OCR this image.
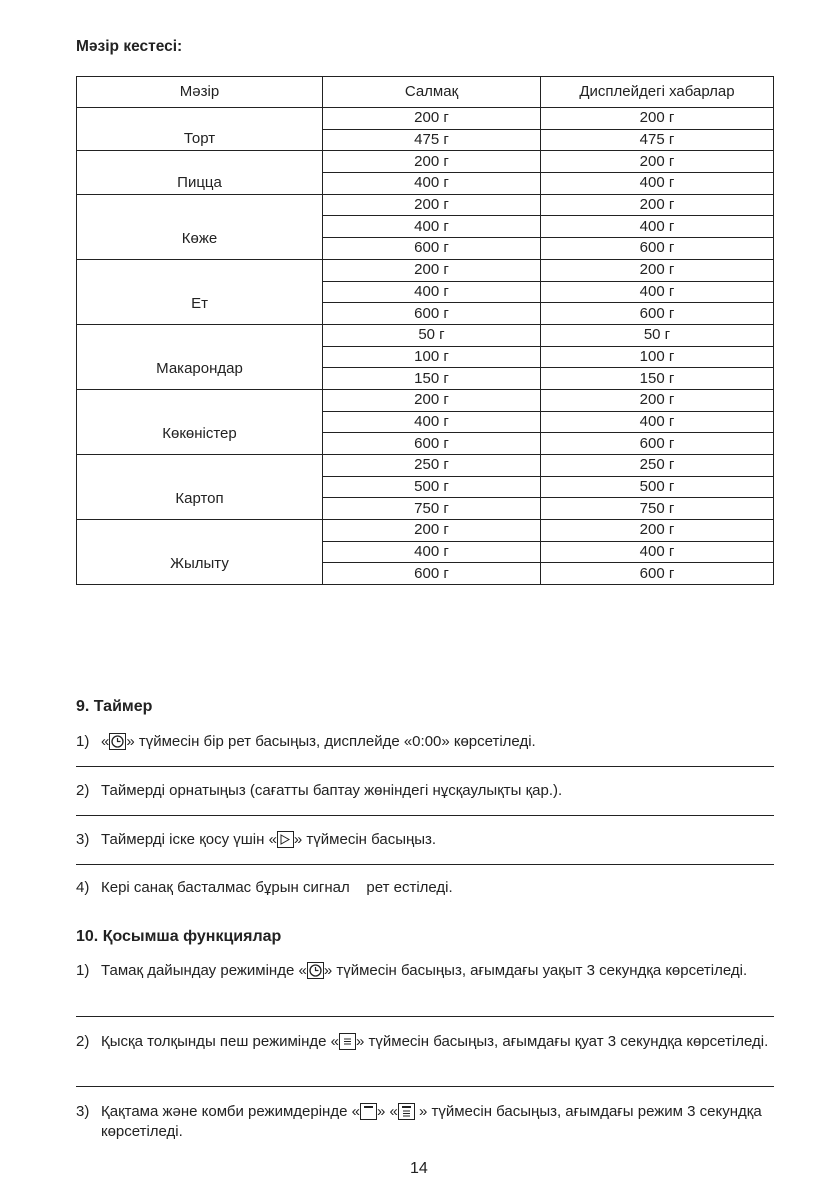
Мәзір кестесі:
Мәзір	Салмақ	Дисплейдегі хабарлар
Торт	200 г	200 г
	475 г	475 г
Пицца	200 г	200 г
	400 г	400 г
Көже	200 г	200 г
	400 г	400 г
	600 г	600 г
Ет	200 г	200 г
	400 г	400 г
	600 г	600 г
Макарондар	50 г	50 г
	100 г	100 г
	150 г	150 г
Көкөністер	200 г	200 г
	400 г	400 г
	600 г	600 г
Картоп	250 г	250 г
	500 г	500 г
	750 г	750 г
Жылыту	200 г	200 г
	400 г	400 г
	600 г	600 г
9. Таймер
1) « » түймесін бір рет басыңыз, дисплейде «0:00» көрсетіледі.
2) Таймерді орнатыңыз (сағатты баптау жөніндегі нұсқаулықты қар.).
3) Таймерді іске қосу үшін « » түймесін басыңыз.
4) Кері санақ басталмас бұрын сигнал    рет естіледі.
10. Қосымша функциялар
1) Тамақ дайындау режимінде « » түймесін басыңыз, ағымдағы уақыт 3 секундқа көрсетіледі.
2) Қысқа толқынды пеш режимінде « » түймесін басыңыз, ағымдағы қуат 3 секундқа көрсетіледі.
3) Қақтама және комби режимдерінде « » «
» түймесін басыңыз, ағымдағы режим 3 секундқа көрсетіледі.
14
